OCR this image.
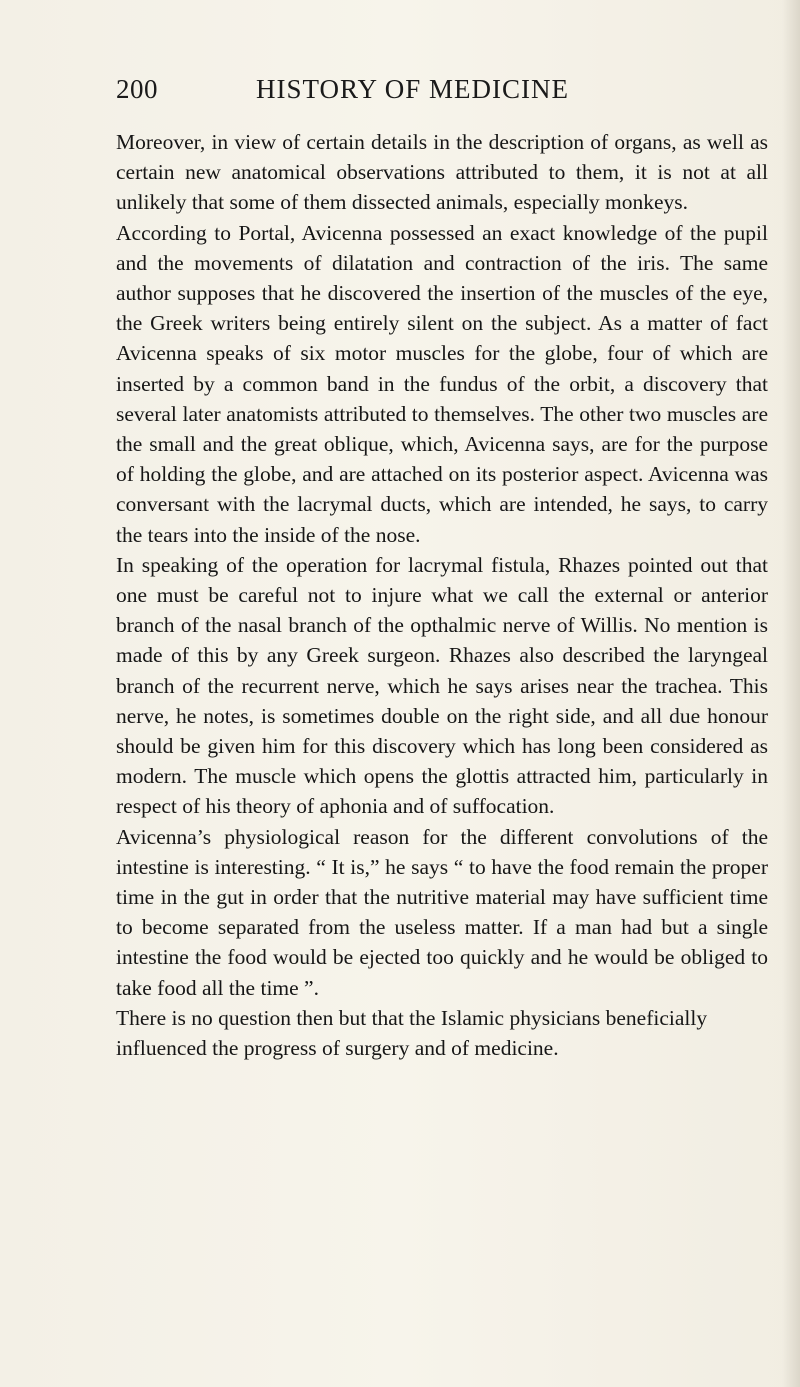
200	HISTORY OF MEDICINE

Moreover, in view of certain details in the description of organs, as well as certain new anatomical observations attributed to them, it is not at all unlikely that some of them dissected animals, especially monkeys.

According to Portal, Avicenna possessed an exact knowledge of the pupil and the movements of dilatation and contraction of the iris. The same author supposes that he discovered the insertion of the muscles of the eye, the Greek writers being entirely silent on the subject. As a matter of fact Avicenna speaks of six motor muscles for the globe, four of which are inserted by a common band in the fundus of the orbit, a discovery that several later anatomists attributed to themselves. The other two muscles are the small and the great oblique, which, Avicenna says, are for the purpose of holding the globe, and are attached on its posterior aspect. Avicenna was conversant with the lacrymal ducts, which are intended, he says, to carry the tears into the inside of the nose.

In speaking of the operation for lacrymal fistula, Rhazes pointed out that one must be careful not to injure what we call the external or anterior branch of the nasal branch of the opthalmic nerve of Willis. No mention is made of this by any Greek surgeon. Rhazes also described the laryngeal branch of the recurrent nerve, which he says arises near the trachea. This nerve, he notes, is sometimes double on the right side, and all due honour should be given him for this discovery which has long been considered as modern. The muscle which opens the glottis attracted him, particularly in respect of his theory of aphonia and of suffocation.

Avicenna’s physiological reason for the different convolutions of the intestine is interesting. “ It is,” he says “ to have the food remain the proper time in the gut in order that the nutritive material may have sufficient time to become separated from the useless matter. If a man had but a single intestine the food would be ejected too quickly and he would be obliged to take food all the time ”.

There is no question then but that the Islamic physicians beneficially influenced the progress of surgery and of medicine.
